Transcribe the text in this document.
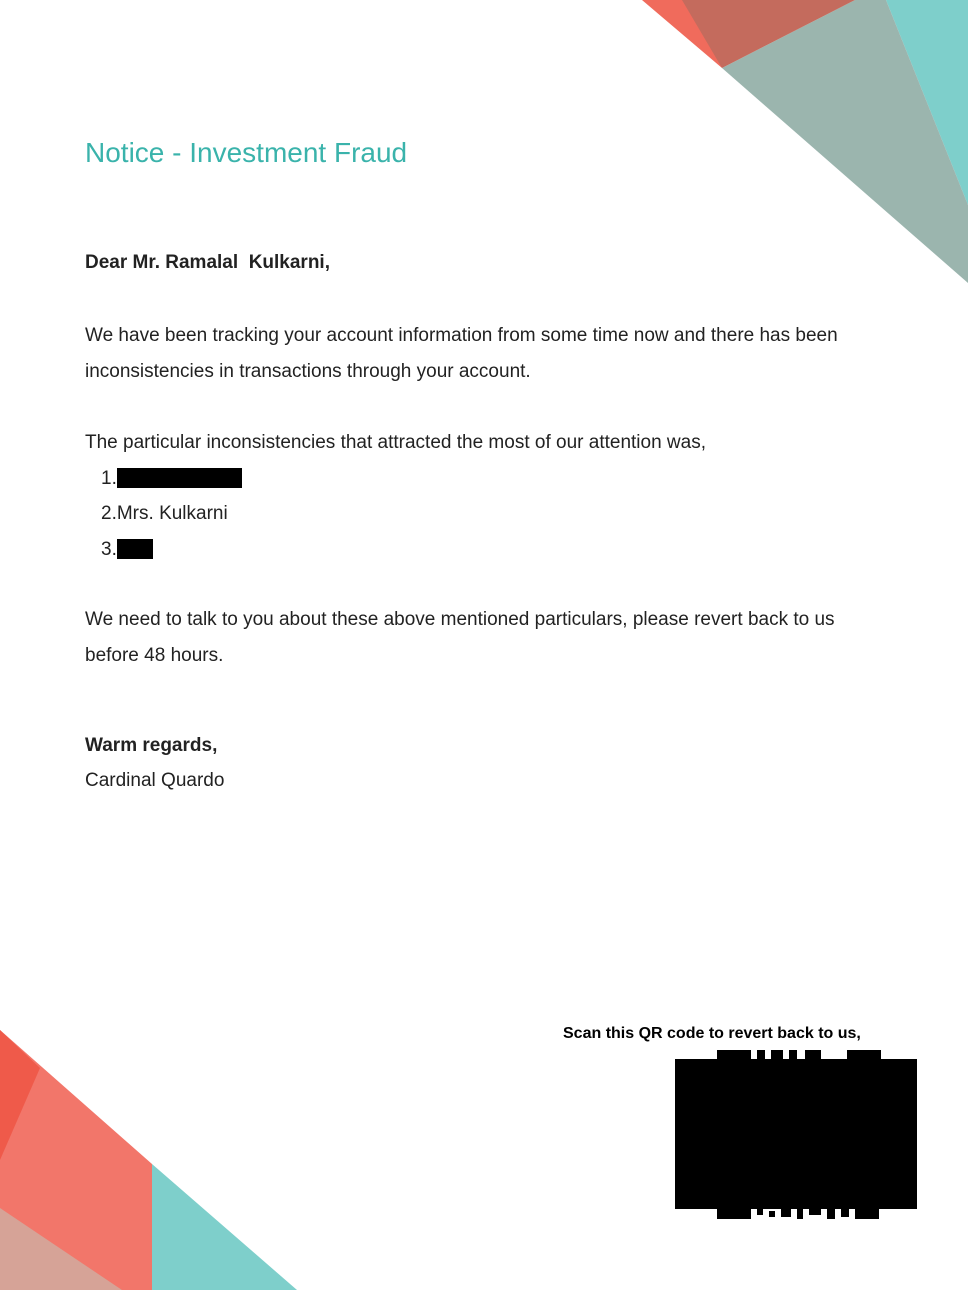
Notice - Investment Fraud

Dear Mr. Ramalal  Kulkarni,

We have been tracking your account information from some time now and there has been inconsistencies in transactions through your account.

The particular inconsistencies that attracted the most of our attention was,

1.
2.Mrs. Kulkarni
3.

We need to talk to you about these above mentioned particulars, please revert back to us before 48 hours.

Warm regards,

Cardinal Quardo

Scan this QR code to revert back to us,
